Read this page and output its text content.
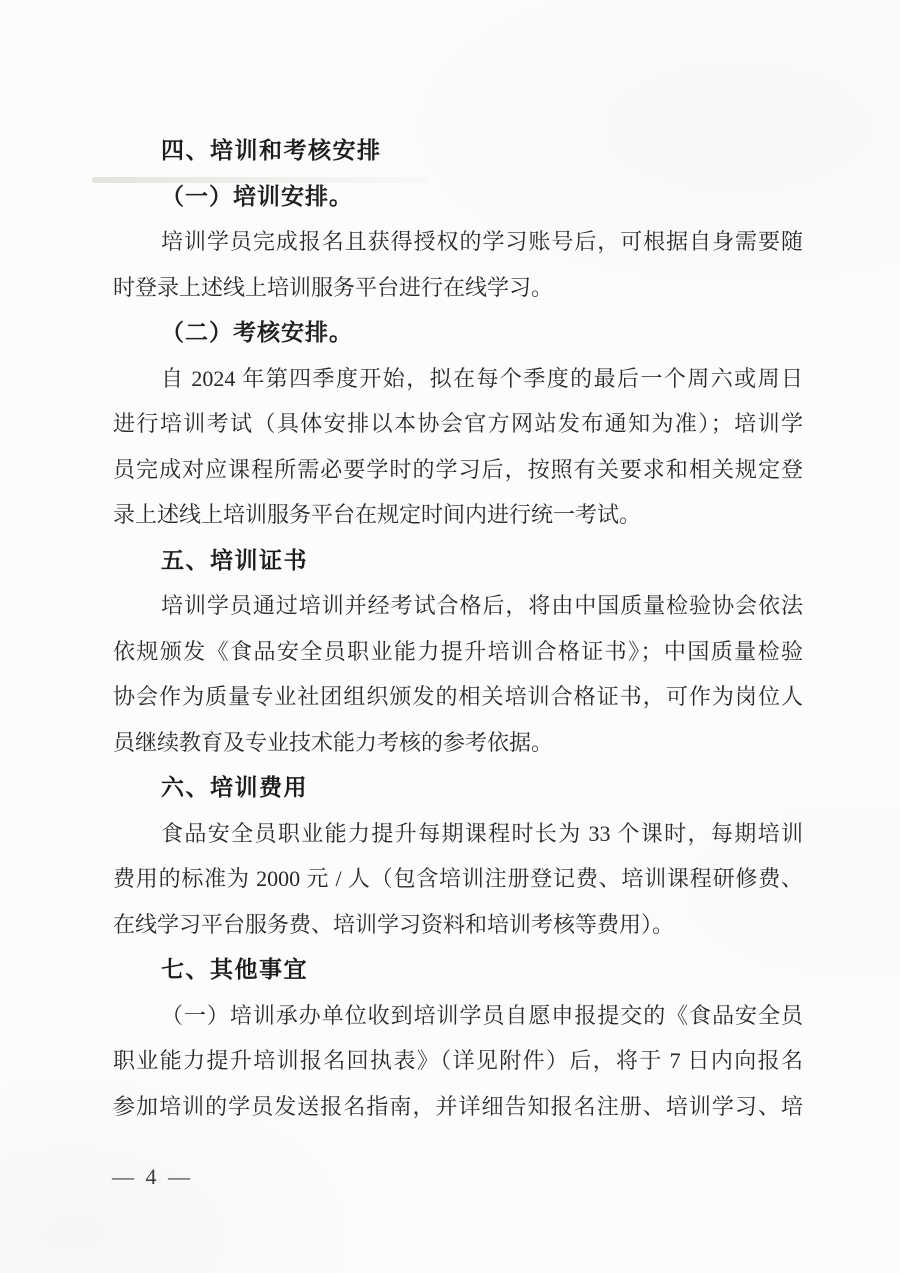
四、培训和考核安排
（一）培训安排。
培训学员完成报名且获得授权的学习账号后，可根据自身需要随
时登录上述线上培训服务平台进行在线学习。
（二）考核安排。
自 2024 年第四季度开始，拟在每个季度的最后一个周六或周日
进行培训考试（具体安排以本协会官方网站发布通知为准）；培训学
员完成对应课程所需必要学时的学习后，按照有关要求和相关规定登
录上述线上培训服务平台在规定时间内进行统一考试。
五、培训证书
培训学员通过培训并经考试合格后，将由中国质量检验协会依法
依规颁发《食品安全员职业能力提升培训合格证书》；中国质量检验
协会作为质量专业社团组织颁发的相关培训合格证书，可作为岗位人
员继续教育及专业技术能力考核的参考依据。
六、培训费用
食品安全员职业能力提升每期课程时长为 33 个课时，每期培训
费用的标准为 2000 元 / 人（包含培训注册登记费、培训课程研修费、
在线学习平台服务费、培训学习资料和培训考核等费用）。
七、其他事宜
（一）培训承办单位收到培训学员自愿申报提交的《食品安全员
职业能力提升培训报名回执表》（详见附件）后，将于 7 日内向报名
参加培训的学员发送报名指南，并详细告知报名注册、培训学习、培
— 4 —
